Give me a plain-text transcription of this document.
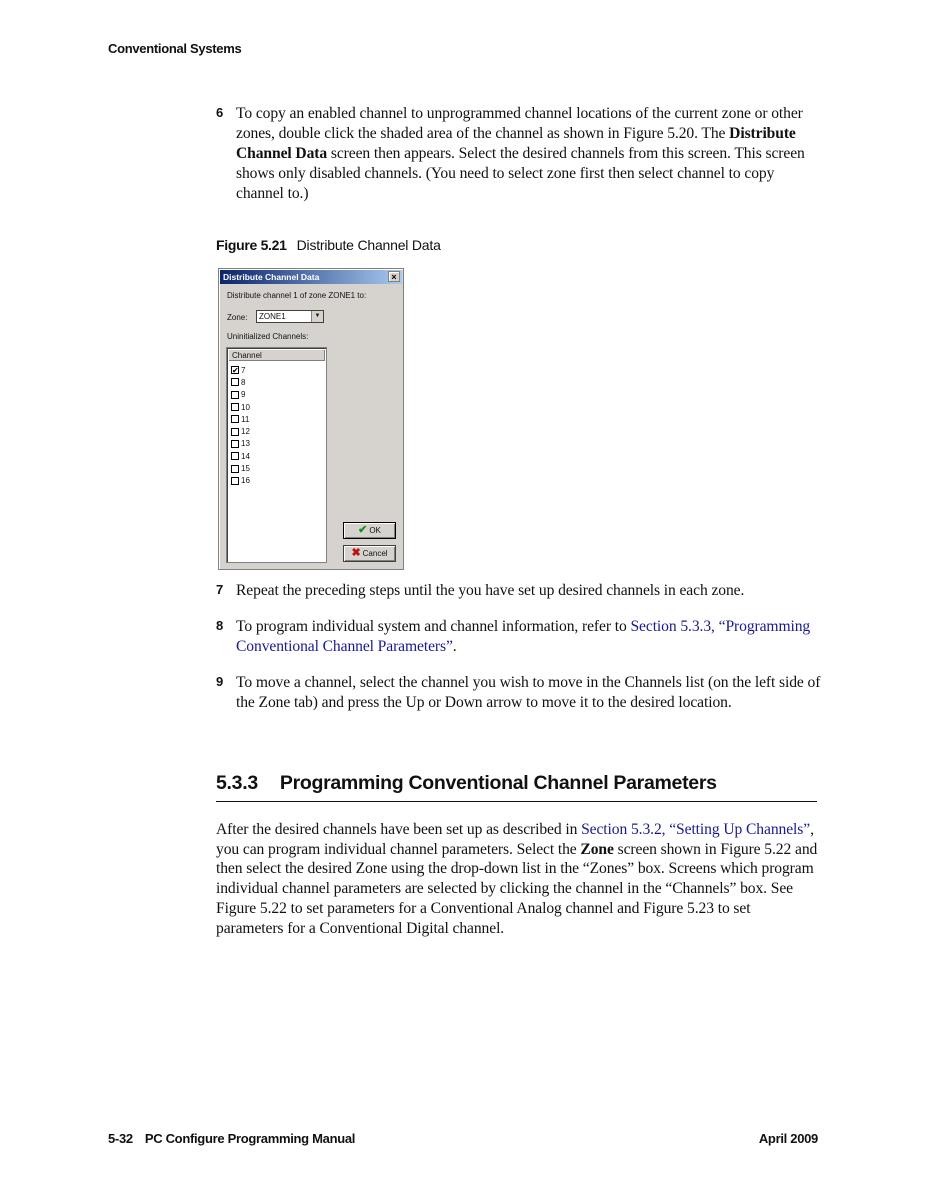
Conventional Systems
6 To copy an enabled channel to unprogrammed channel locations of the current zone or other zones, double click the shaded area of the channel as shown in Figure 5.20. The Distribute Channel Data screen then appears. Select the desired channels from this screen. This screen shows only disabled channels. (You need to select zone first then select channel to copy channel to.)
Figure 5.21 Distribute Channel Data
Distribute Channel Data	×
Distribute channel 1 of zone ZONE1 to:
Zone:	ZONE1	▼
Uninitialized Channels:
Channel
✔ 7
8
9
10
11
12
13
14
15
16
✔ OK
✖ Cancel
7 Repeat the preceding steps until the you have set up desired channels in each zone.
8 To program individual system and channel information, refer to Section 5.3.3, “Programming Conventional Channel Parameters”.
9 To move a channel, select the channel you wish to move in the Channels list (on the left side of the Zone tab) and press the Up or Down arrow to move it to the desired location.
5.3.3 Programming Conventional Channel Parameters
After the desired channels have been set up as described in Section 5.3.2, “Setting Up Channels”, you can program individual channel parameters. Select the Zone screen shown in Figure 5.22 and then select the desired Zone using the drop-down list in the “Zones” box. Screens which program individual channel parameters are selected by clicking the channel in the “Channels” box. See Figure 5.22 to set parameters for a Conventional Analog channel and Figure 5.23 to set parameters for a Conventional Digital channel.
5-32 PC Configure Programming Manual	April 2009
